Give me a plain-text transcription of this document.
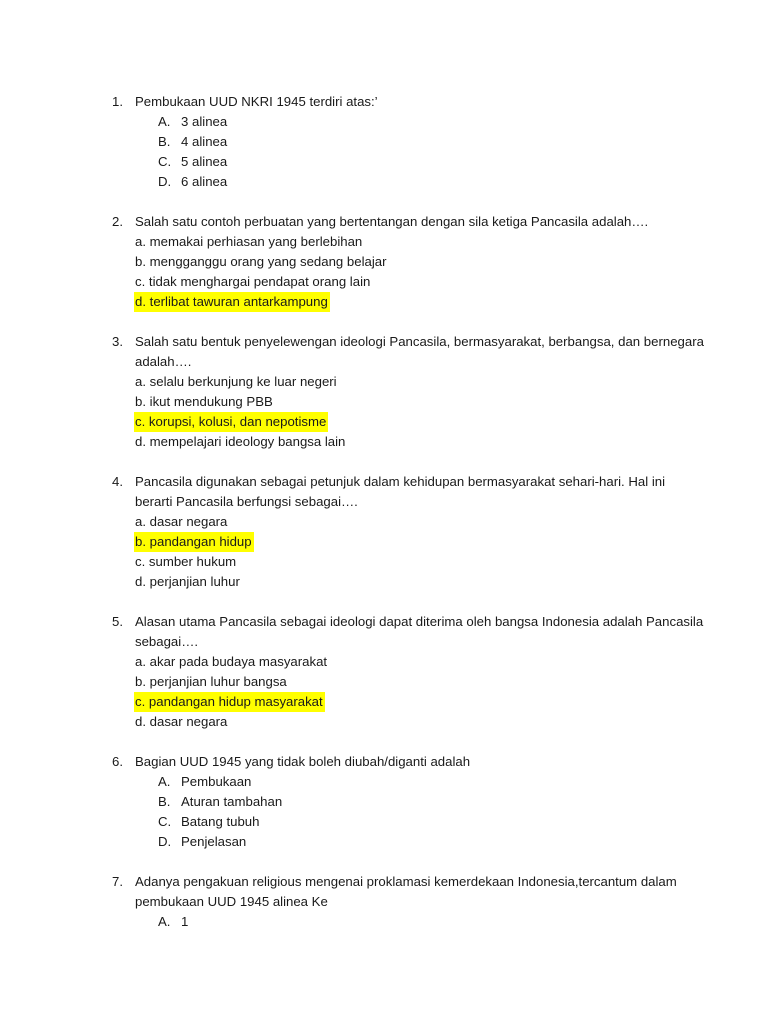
1. Pembukaan UUD NKRI 1945 terdiri atas:’
A. 3 alinea
B. 4 alinea
C. 5 alinea
D. 6 alinea
2. Salah satu contoh perbuatan yang bertentangan dengan sila ketiga Pancasila adalah….
a. memakai perhiasan yang berlebihan
b. mengganggu orang yang sedang belajar
c. tidak menghargai pendapat orang lain
d. terlibat tawuran antarkampung
3. Salah satu bentuk penyelewengan ideologi Pancasila, bermasyarakat, berbangsa, dan bernegara
adalah….
a. selalu berkunjung ke luar negeri
b. ikut mendukung PBB
c. korupsi, kolusi, dan nepotisme
d. mempelajari ideology bangsa lain
4. Pancasila digunakan sebagai petunjuk dalam kehidupan bermasyarakat sehari-hari. Hal ini
berarti Pancasila berfungsi sebagai….
a. dasar negara
b. pandangan hidup
c. sumber hukum
d. perjanjian luhur
5. Alasan utama Pancasila sebagai ideologi dapat diterima oleh bangsa Indonesia adalah Pancasila
sebagai….
a. akar pada budaya masyarakat
b. perjanjian luhur bangsa
c. pandangan hidup masyarakat
d. dasar negara
6. Bagian UUD 1945 yang tidak boleh diubah/diganti adalah
A. Pembukaan
B. Aturan tambahan
C. Batang tubuh
D. Penjelasan
7. Adanya pengakuan religious mengenai proklamasi kemerdekaan Indonesia,tercantum dalam
pembukaan UUD 1945 alinea Ke
A. 1
